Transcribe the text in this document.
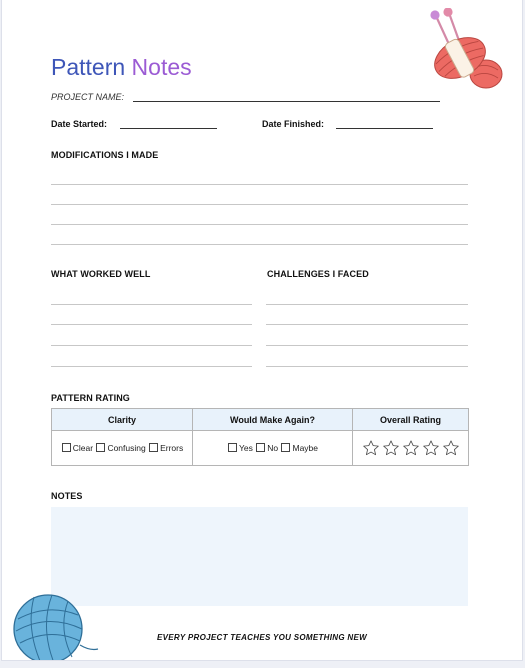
Pattern Notes
PROJECT NAME:
Date Started:	Date Finished:
MODIFICATIONS I MADE
WHAT WORKED WELL	CHALLENGES I FACED
PATTERN RATING
Clarity	Would Make Again?	Overall Rating
Clear Confusing Errors	Yes No Maybe	
NOTES
EVERY PROJECT TEACHES YOU SOMETHING NEW
